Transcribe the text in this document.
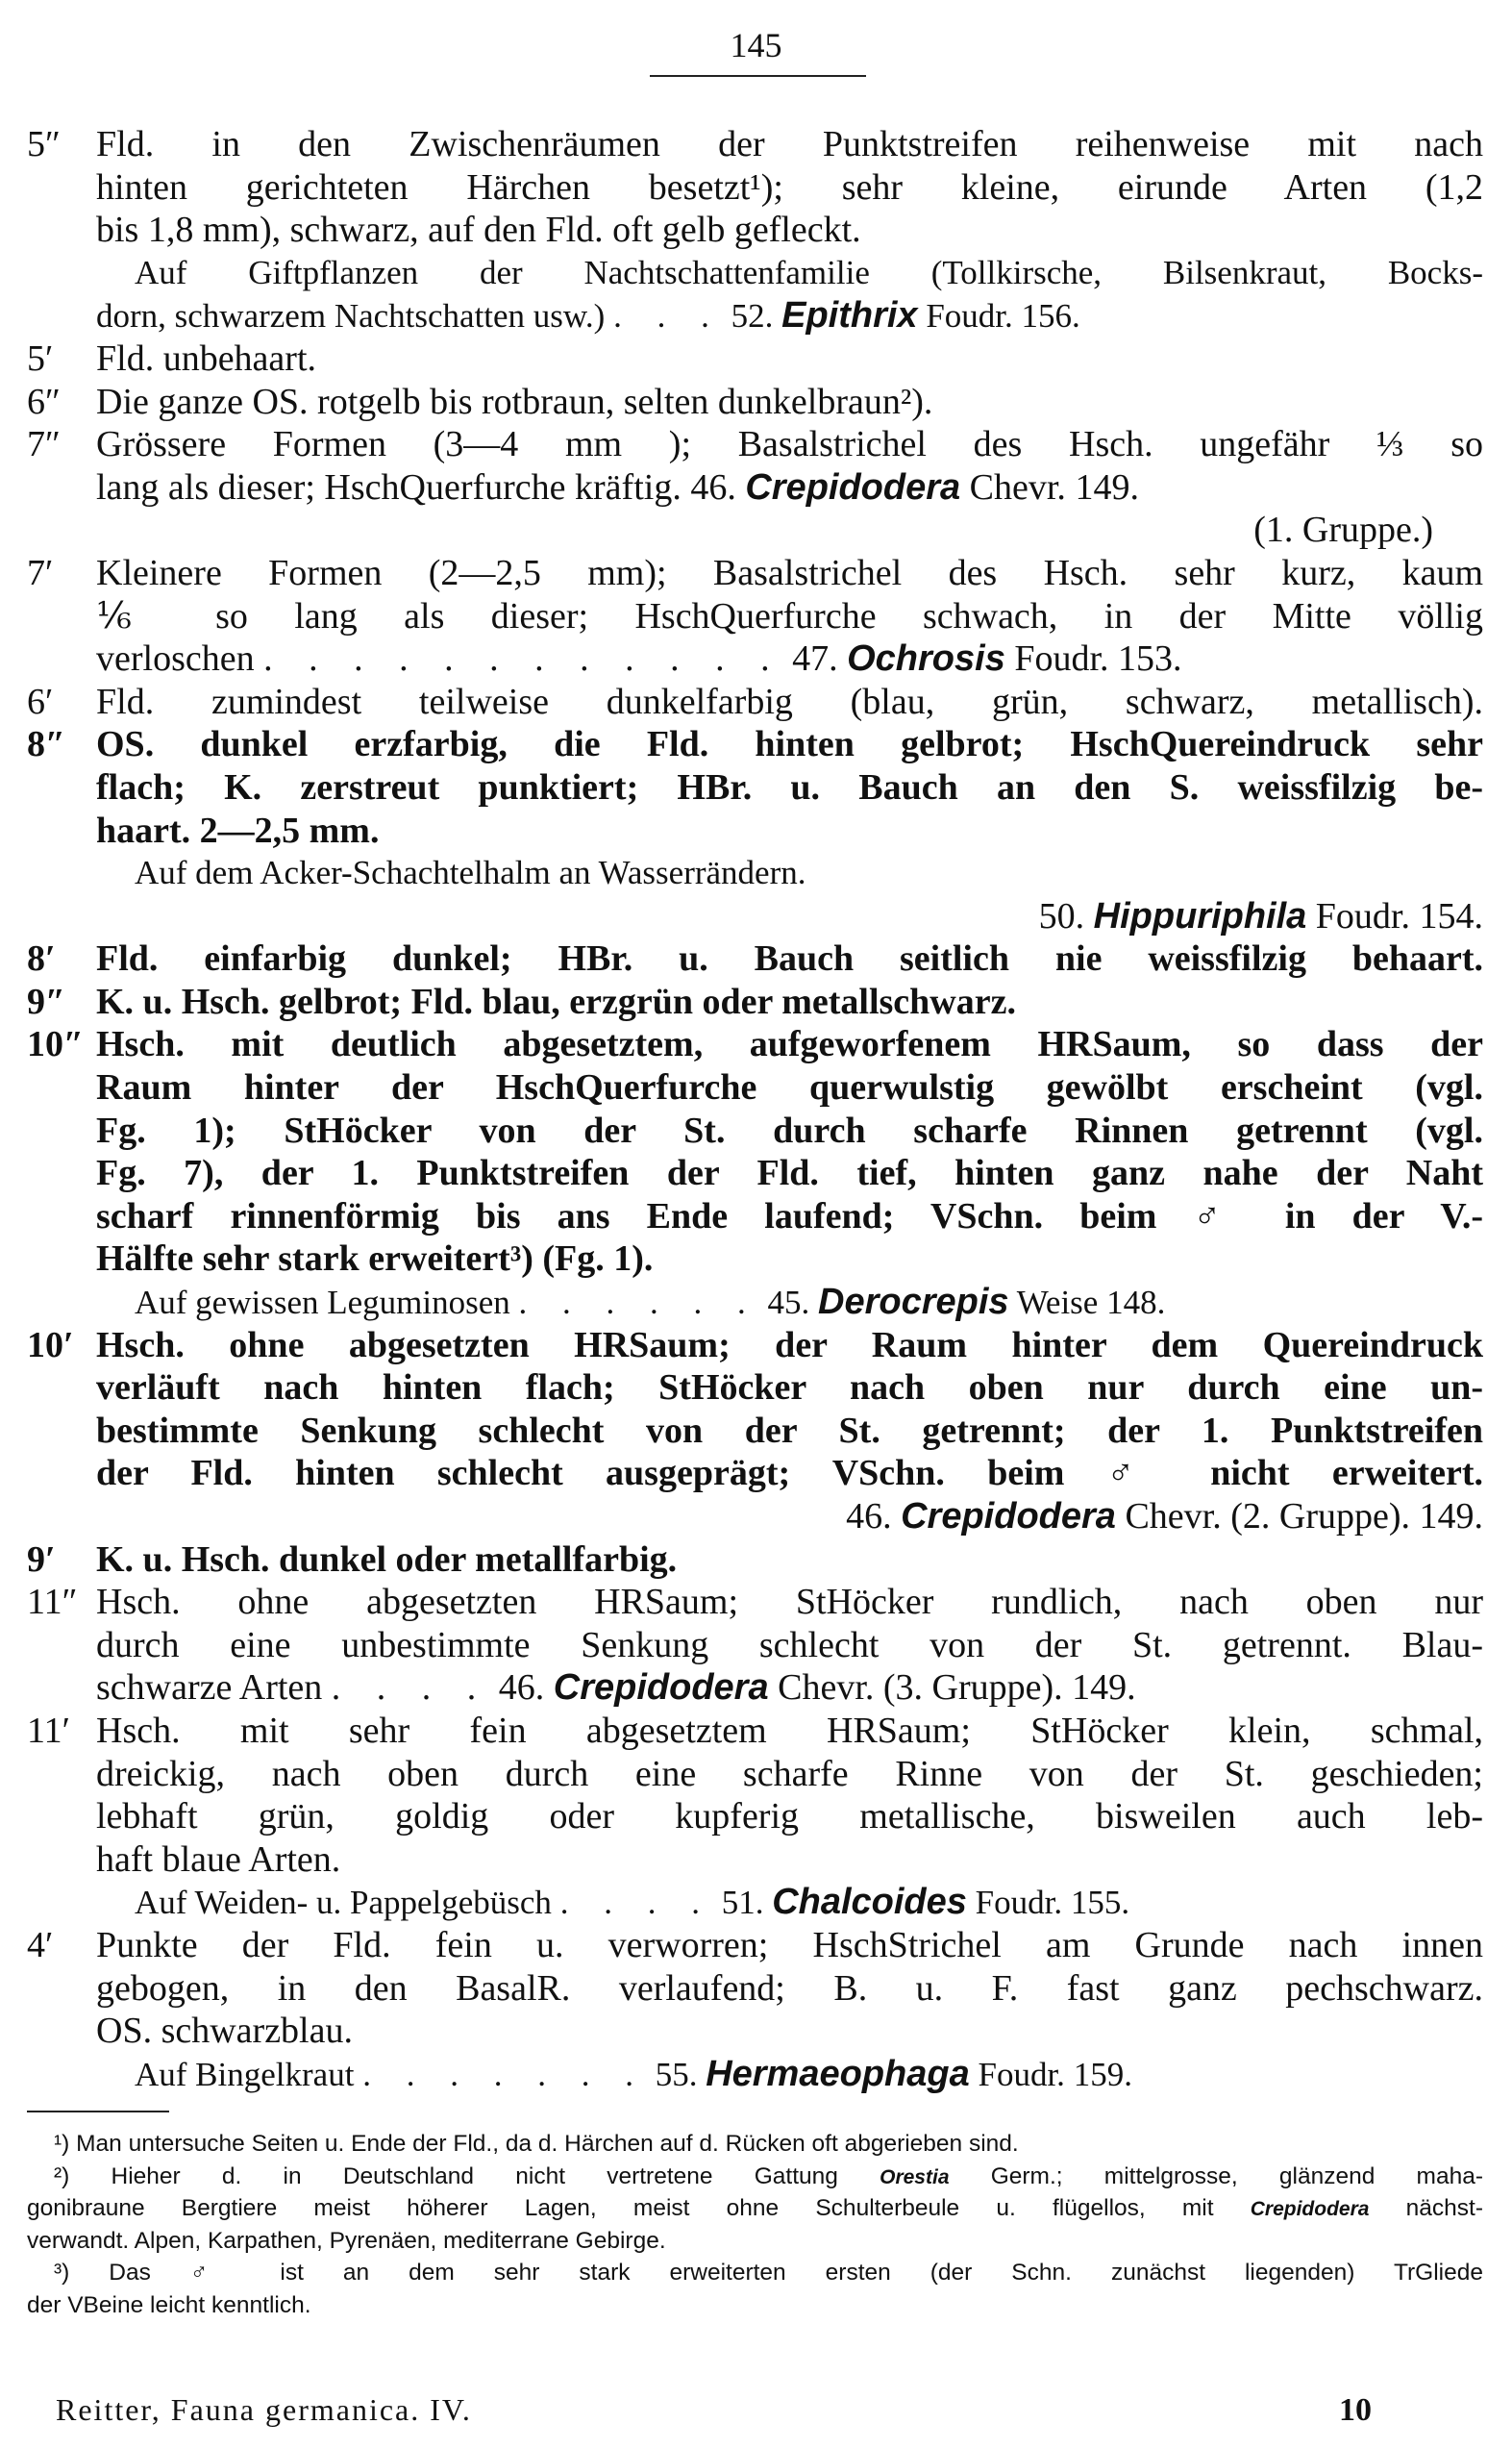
145
5″ Fld. in den Zwischenräumen der Punktstreifen reihenweise mit nach
hinten gerichteten Härchen besetzt¹); sehr kleine, eirunde Arten (1,2
bis 1,8 mm), schwarz, auf den Fld. oft gelb gefleckt.
Auf Giftpflanzen der Nachtschattenfamilie (Tollkirsche, Bilsenkraut, Bocks-
dorn, schwarzem Nachtschatten usw.) . . . 52. Epithrix Foudr. 156.
5′ Fld. unbehaart.
6″ Die ganze OS. rotgelb bis rotbraun, selten dunkelbraun²).
7″ Grössere Formen (3—4 mm ); Basalstrichel des Hsch. ungefähr ⅓ so
lang als dieser; HschQuerfurche kräftig. 46. Crepidodera Chevr. 149.
(1. Gruppe.)
7′ Kleinere Formen (2—2,5 mm); Basalstrichel des Hsch. sehr kurz, kaum
⅙ so lang als dieser; HschQuerfurche schwach, in der Mitte völlig
verloschen . . . . . . . . . . . . 47. Ochrosis Foudr. 153.
6′ Fld. zumindest teilweise dunkelfarbig (blau, grün, schwarz, metallisch).
8″ OS. dunkel erzfarbig, die Fld. hinten gelbrot; HschQuereindruck sehr
flach; K. zerstreut punktiert; HBr. u. Bauch an den S. weissfilzig be-
haart. 2—2,5 mm.
Auf dem Acker-Schachtelhalm an Wasserrändern.
50. Hippuriphila Foudr. 154.
8′ Fld. einfarbig dunkel; HBr. u. Bauch seitlich nie weissfilzig behaart.
9″ K. u. Hsch. gelbrot; Fld. blau, erzgrün oder metallschwarz.
10″ Hsch. mit deutlich abgesetztem, aufgeworfenem HRSaum, so dass der
Raum hinter der HschQuerfurche querwulstig gewölbt erscheint (vgl.
Fg. 1); StHöcker von der St. durch scharfe Rinnen getrennt (vgl.
Fg. 7), der 1. Punktstreifen der Fld. tief, hinten ganz nahe der Naht
scharf rinnenförmig bis ans Ende laufend; VSchn. beim ♂ in der V.-
Hälfte sehr stark erweitert³) (Fg. 1).
Auf gewissen Leguminosen . . . . . . 45. Derocrepis Weise 148.
10′ Hsch. ohne abgesetzten HRSaum; der Raum hinter dem Quereindruck
verläuft nach hinten flach; StHöcker nach oben nur durch eine un-
bestimmte Senkung schlecht von der St. getrennt; der 1. Punktstreifen
der Fld. hinten schlecht ausgeprägt; VSchn. beim ♂ nicht erweitert.
46. Crepidodera Chevr. (2. Gruppe). 149.
9′ K. u. Hsch. dunkel oder metallfarbig.
11″ Hsch. ohne abgesetzten HRSaum; StHöcker rundlich, nach oben nur
durch eine unbestimmte Senkung schlecht von der St. getrennt. Blau-
schwarze Arten . . . . 46. Crepidodera Chevr. (3. Gruppe). 149.
11′ Hsch. mit sehr fein abgesetztem HRSaum; StHöcker klein, schmal,
dreickig, nach oben durch eine scharfe Rinne von der St. geschieden;
lebhaft grün, goldig oder kupferig metallische, bisweilen auch leb-
haft blaue Arten.
Auf Weiden- u. Pappelgebüsch . . . . 51. Chalcoides Foudr. 155.
4′ Punkte der Fld. fein u. verworren; HschStrichel am Grunde nach innen
gebogen, in den BasalR. verlaufend; B. u. F. fast ganz pechschwarz.
OS. schwarzblau.
Auf Bingelkraut . . . . . . . 55. Hermaeophaga Foudr. 159.
¹) Man untersuche Seiten u. Ende der Fld., da d. Härchen auf d. Rücken oft abgerieben sind.
²) Hieher d. in Deutschland nicht vertretene Gattung Orestia Germ.; mittelgrosse, glänzend maha-
gonibraune Bergtiere meist höherer Lagen, meist ohne Schulterbeule u. flügellos, mit Crepidodera nächst-
verwandt. Alpen, Karpathen, Pyrenäen, mediterrane Gebirge.
³) Das ♂ ist an dem sehr stark erweiterten ersten (der Schn. zunächst liegenden) TrGliede
der VBeine leicht kenntlich.
Reitter, Fauna germanica. IV.	10
